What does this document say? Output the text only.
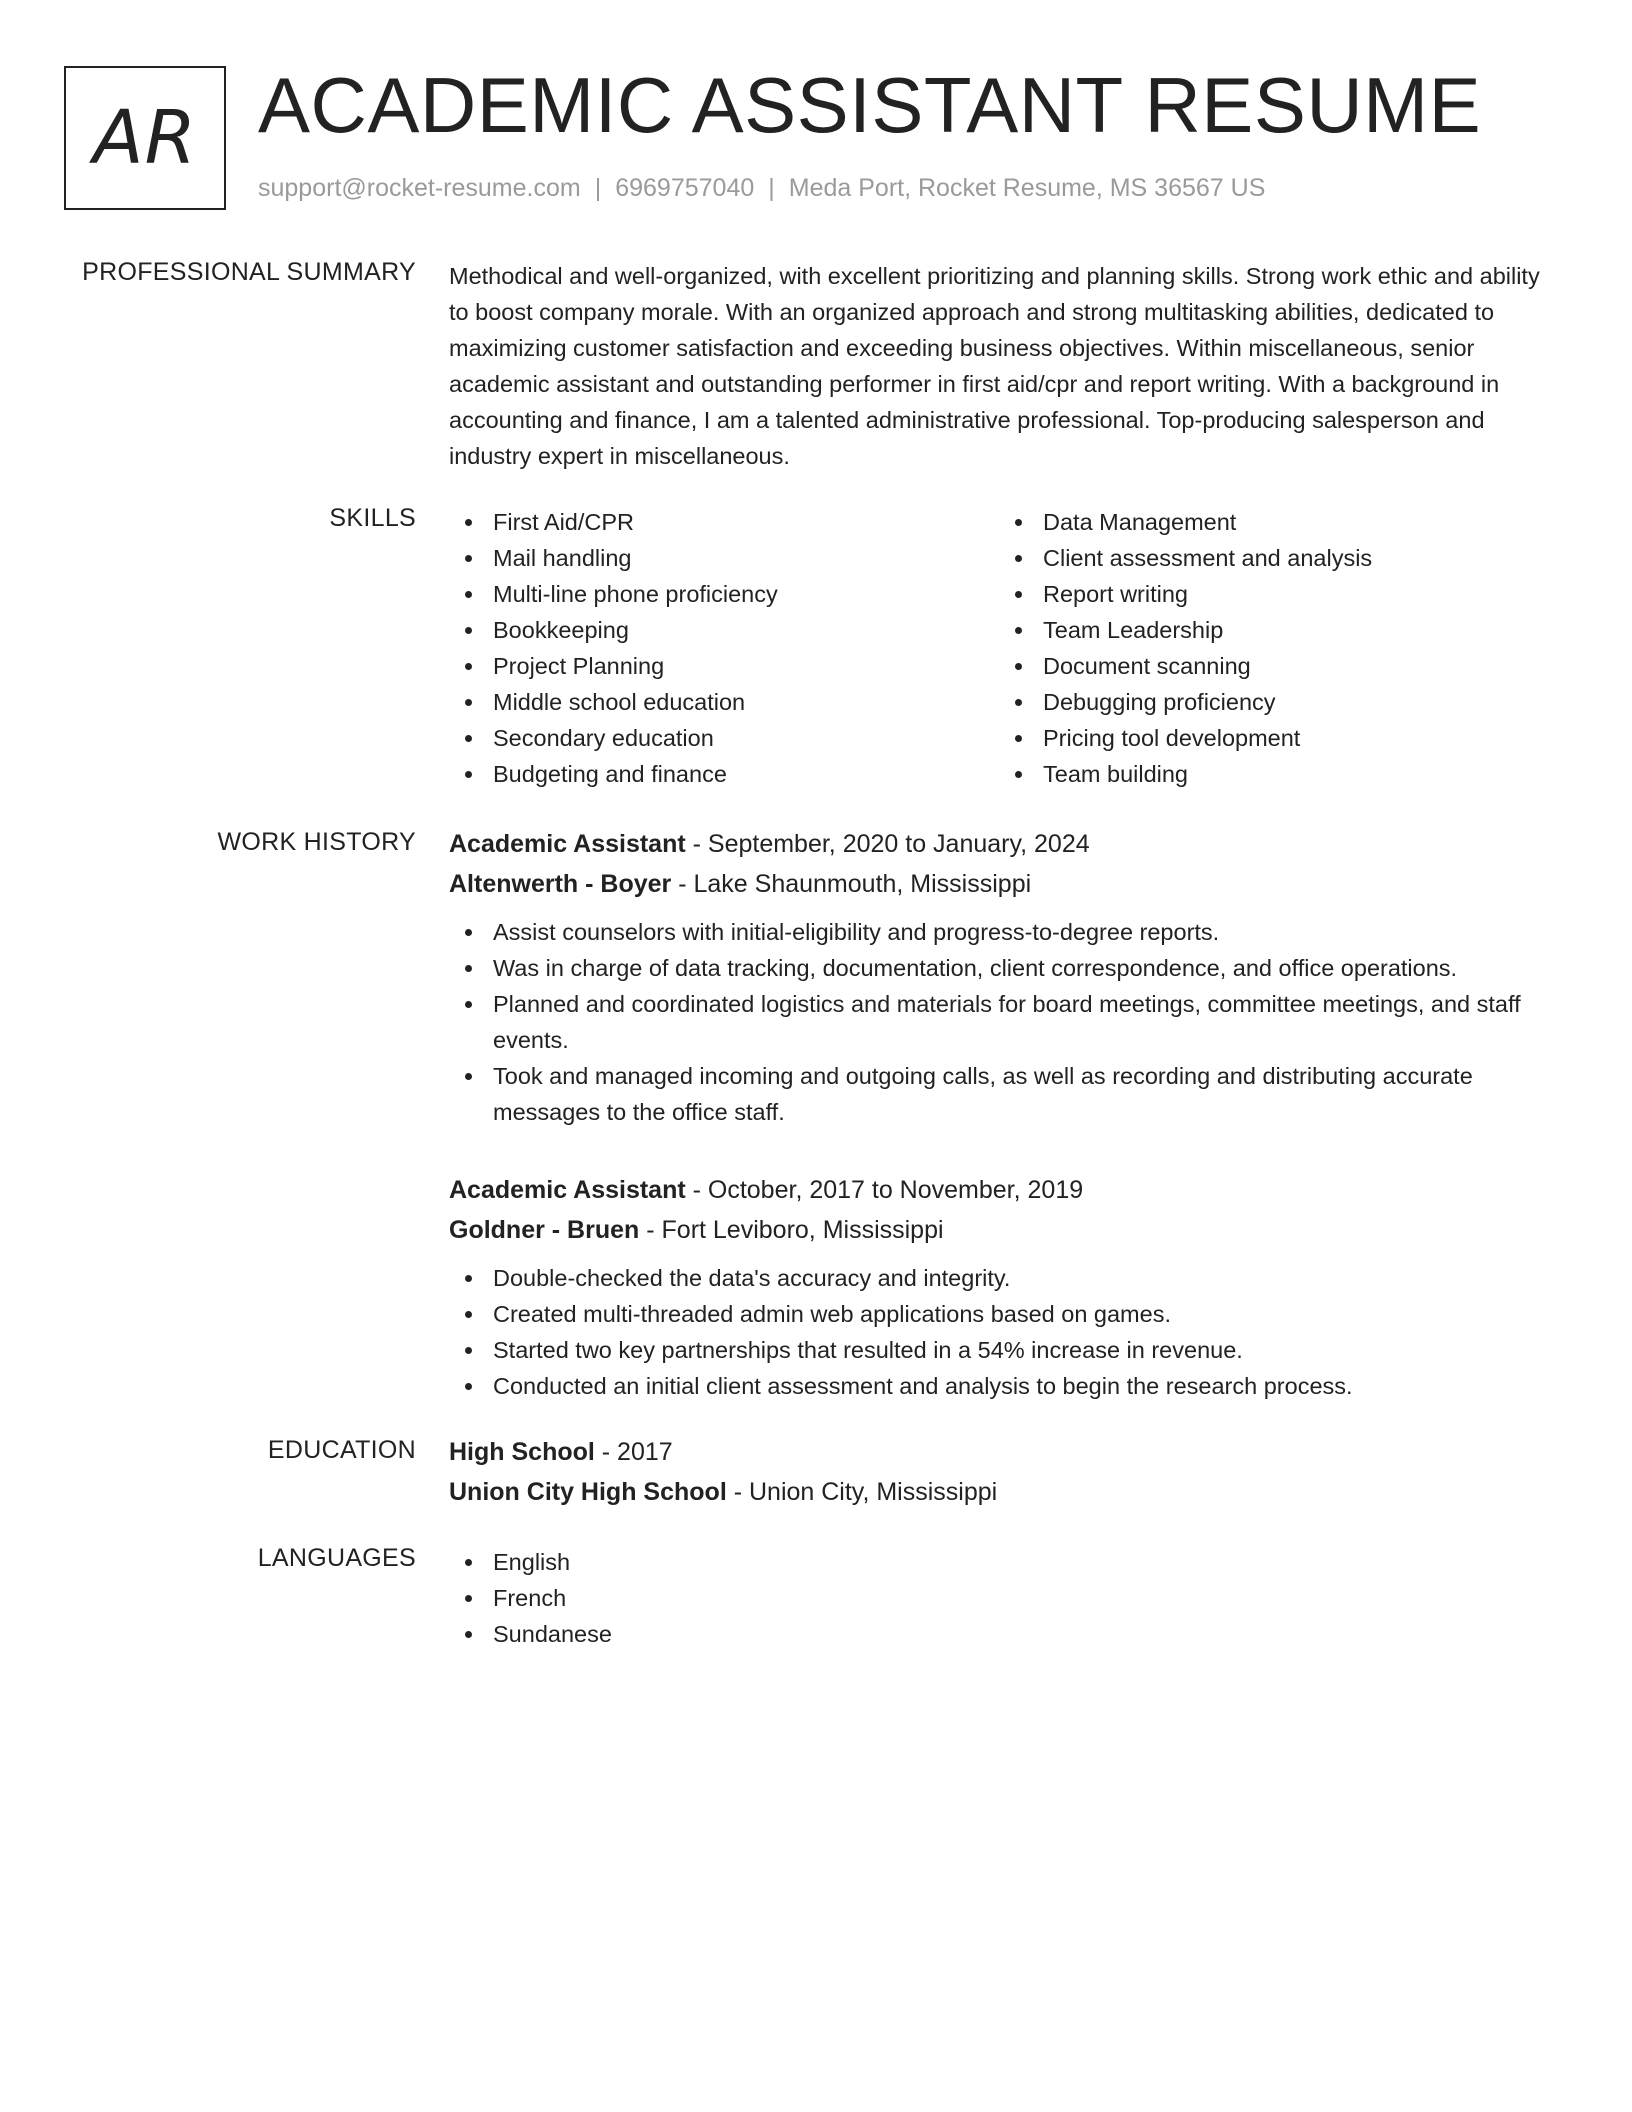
AR ACADEMIC ASSISTANT RESUME
support@rocket-resume.com | 6969757040 | Meda Port, Rocket Resume, MS 36567 US
PROFESSIONAL SUMMARY Methodical and well-organized, with excellent prioritizing and planning skills. Strong work ethic and ability to boost company morale. With an organized approach and strong multitasking abilities, dedicated to maximizing customer satisfaction and exceeding business objectives. Within miscellaneous, senior academic assistant and outstanding performer in first aid/cpr and report writing. With a background in accounting and finance, I am a talented administrative professional. Top-producing salesperson and industry expert in miscellaneous.

SKILLS	First Aid/CPR
Mail handling
Multi-line phone proficiency
Bookkeeping
Project Planning
Middle school education
Secondary education
Budgeting and finance
Data Management
Client assessment and analysis
Report writing
Team Leadership
Document scanning
Debugging proficiency
Pricing tool development
Team building
WORK HISTORY Academic Assistant - September, 2020 to January, 2024
Altenwerth - Boyer - Lake Shaunmouth, Mississippi
Assist counselors with initial-eligibility and progress-to-degree reports.
Was in charge of data tracking, documentation, client correspondence, and office operations.
Planned and coordinated logistics and materials for board meetings, committee meetings, and staff events.
Took and managed incoming and outgoing calls, as well as recording and distributing accurate messages to the office staff.
Academic Assistant - October, 2017 to November, 2019
Goldner - Bruen - Fort Leviboro, Mississippi
Double-checked the data's accuracy and integrity.
Created multi-threaded admin web applications based on games.
Started two key partnerships that resulted in a 54% increase in revenue.
Conducted an initial client assessment and analysis to begin the research process.
EDUCATION High School - 2017
Union City High School - Union City, Mississippi
LANGUAGES	English
French
Sundanese
